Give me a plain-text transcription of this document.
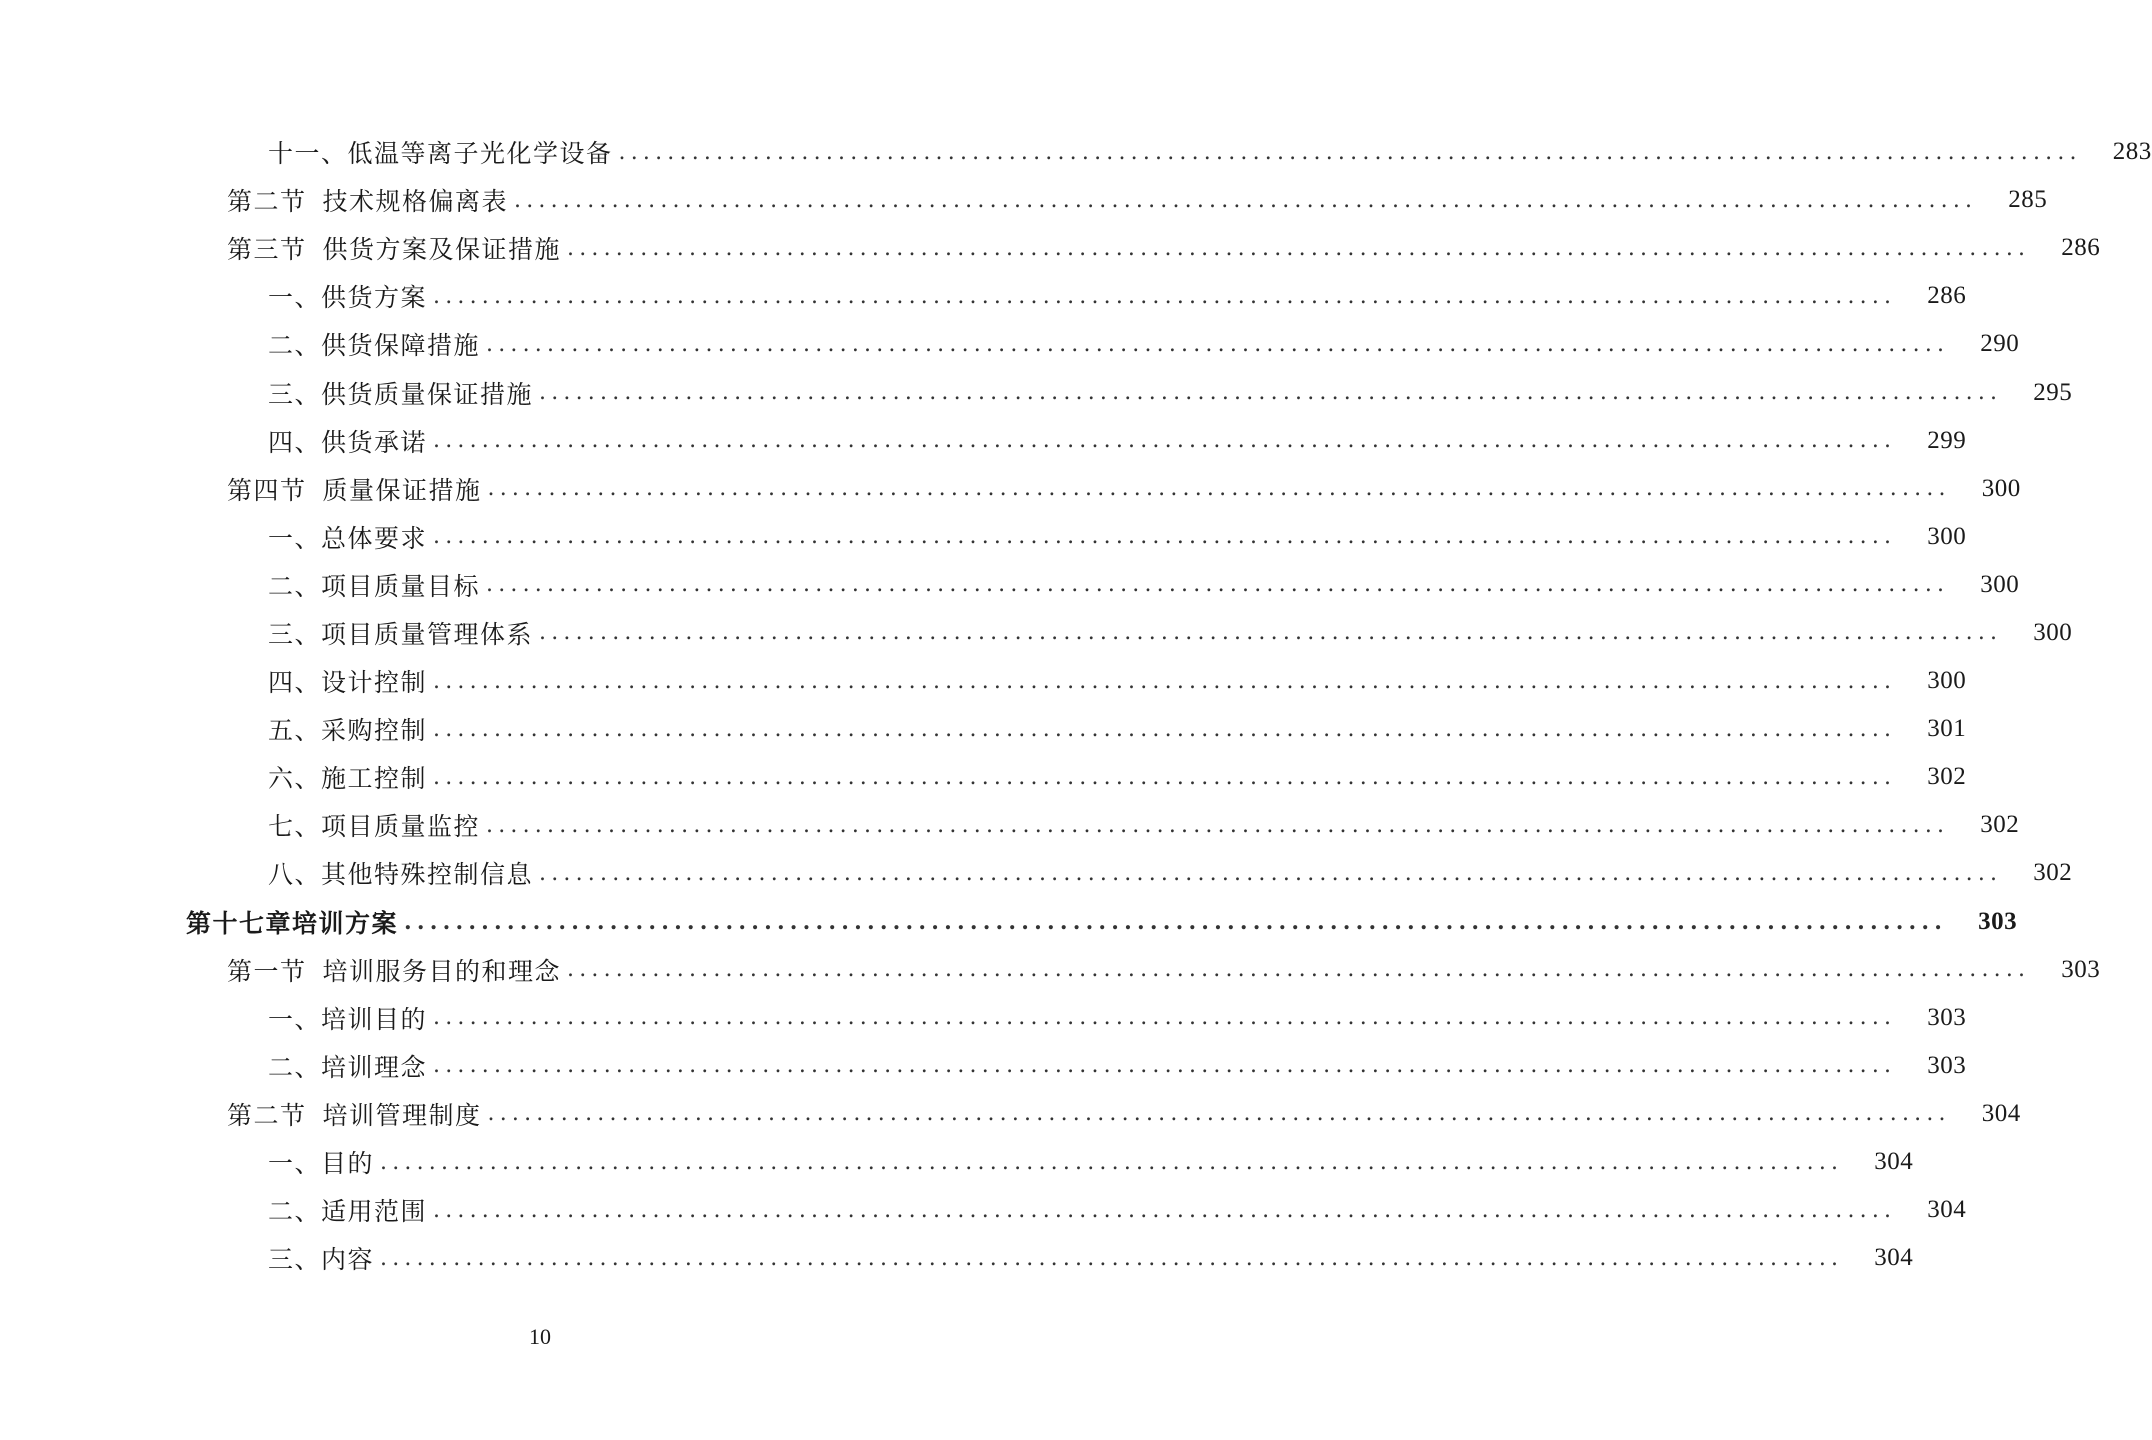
十一、低温等离子光化学设备 ........................................................................................................................	283
第二节 技术规格偏离表 ........................................................................................................................	285
第三节 供货方案及保证措施 ........................................................................................................................	286
一、供货方案 ........................................................................................................................	286
二、供货保障措施 ........................................................................................................................	290
三、供货质量保证措施 ........................................................................................................................	295
四、供货承诺 ........................................................................................................................	299
第四节 质量保证措施 ........................................................................................................................	300
一、总体要求 ........................................................................................................................	300
二、项目质量目标 ........................................................................................................................	300
三、项目质量管理体系 ........................................................................................................................	300
四、设计控制 ........................................................................................................................	300
五、采购控制 ........................................................................................................................	301
六、施工控制 ........................................................................................................................	302
七、项目质量监控 ........................................................................................................................	302
八、其他特殊控制信息 ........................................................................................................................	302
第十七章培训方案 ........................................................................................................................	303
第一节 培训服务目的和理念 ........................................................................................................................	303
一、培训目的 ........................................................................................................................	303
二、培训理念 ........................................................................................................................	303
第二节 培训管理制度 ........................................................................................................................	304
一、目的 ........................................................................................................................	304
二、适用范围 ........................................................................................................................	304
三、内容 ........................................................................................................................	304
10
